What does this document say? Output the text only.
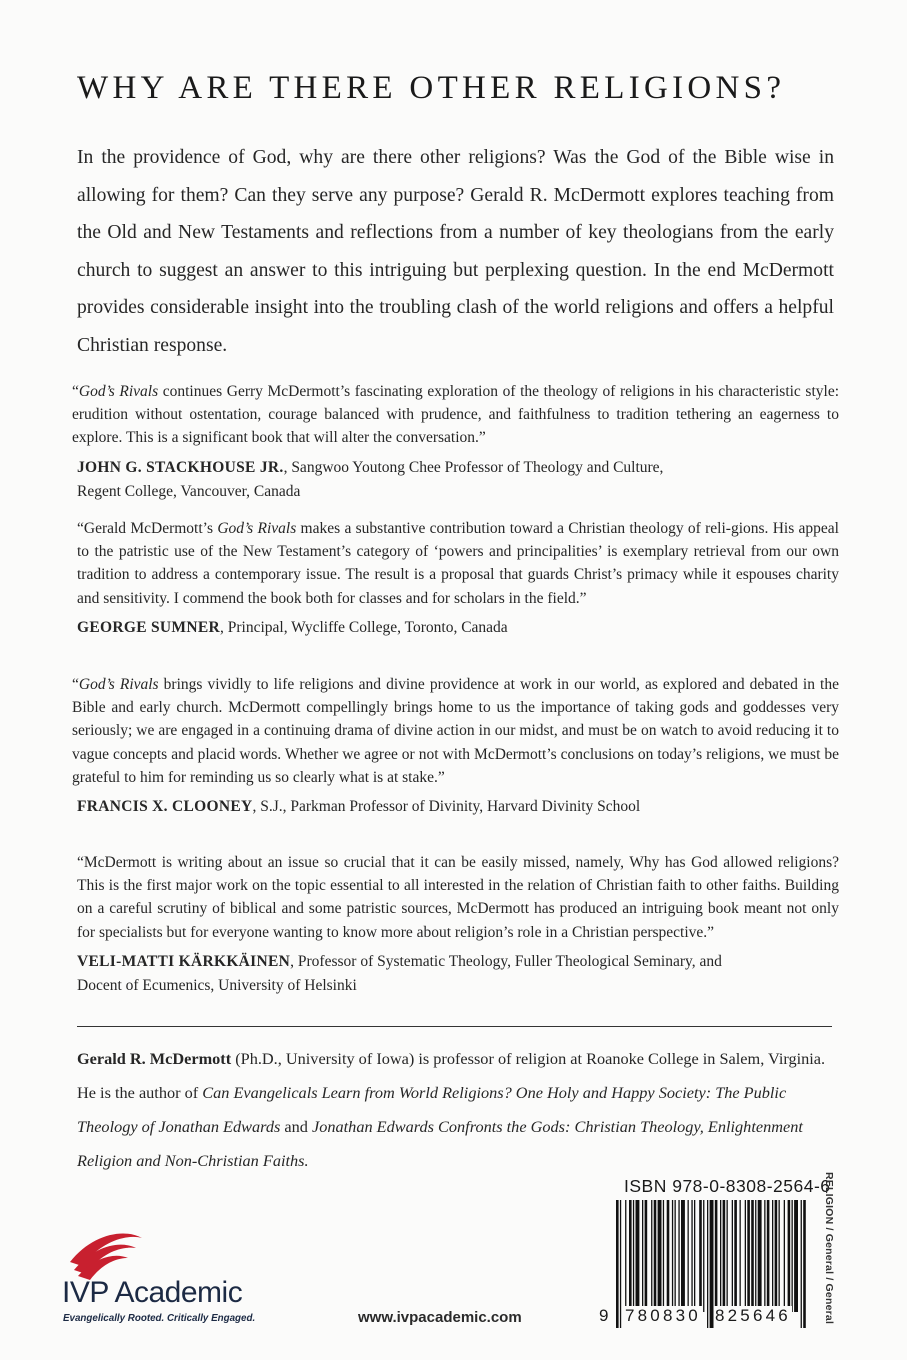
WHY ARE THERE OTHER RELIGIONS?

In the providence of God, why are there other religions? Was the God of the Bible wise in allowing for them? Can they serve any purpose? Gerald R. McDermott explores teaching from the Old and New Testaments and reflections from a number of key theologians from the early church to suggest an answer to this intriguing but perplexing question. In the end McDermott provides considerable insight into the troubling clash of the world religions and offers a helpful Christian response.

“God’s Rivals continues Gerry McDermott’s fascinating exploration of the theology of religions in his characteristic style: erudition without ostentation, courage balanced with prudence, and faithfulness to tradition tethering an eagerness to explore. This is a significant book that will alter the conversation.”

JOHN G. STACKHOUSE JR., Sangwoo Youtong Chee Professor of Theology and Culture,
Regent College, Vancouver, Canada

“Gerald McDermott’s God’s Rivals makes a substantive contribution toward a Christian theology of reli-gions. His appeal to the patristic use of the New Testament’s category of ‘powers and principalities’ is exemplary retrieval from our own tradition to address a contemporary issue. The result is a proposal that guards Christ’s primacy while it espouses charity and sensitivity. I commend the book both for classes and for scholars in the field.”

GEORGE SUMNER, Principal, Wycliffe College, Toronto, Canada

“God’s Rivals brings vividly to life religions and divine providence at work in our world, as explored and debated in the Bible and early church. McDermott compellingly brings home to us the importance of taking gods and goddesses very seriously; we are engaged in a continuing drama of divine action in our midst, and must be on watch to avoid reducing it to vague concepts and placid words. Whether we agree or not with McDermott’s conclusions on today’s religions, we must be grateful to him for reminding us so clearly what is at stake.”

FRANCIS X. CLOONEY, S.J., Parkman Professor of Divinity, Harvard Divinity School

“McDermott is writing about an issue so crucial that it can be easily missed, namely, Why has God allowed religions? This is the first major work on the topic essential to all interested in the relation of Christian faith to other faiths. Building on a careful scrutiny of biblical and some patristic sources, McDermott has produced an intriguing book meant not only for specialists but for everyone wanting to know more about religion’s role in a Christian perspective.”

VELI-MATTI KÄRKKÄINEN, Professor of Systematic Theology, Fuller Theological Seminary, and
Docent of Ecumenics, University of Helsinki

Gerald R. McDermott (Ph.D., University of Iowa) is professor of religion at Roanoke College in Salem, Virginia. He is the author of Can Evangelicals Learn from World Religions? One Holy and Happy Society: The Public Theology of Jonathan Edwards and Jonathan Edwards Confronts the Gods: Christian Theology, Enlightenment Religion and Non-Christian Faiths.

ISBN 978-0-8308-2564-6
9 780830 825646	RELIGION / General / General
IVP Academic
Evangelically Rooted. Critically Engaged.	www.ivpacademic.com
